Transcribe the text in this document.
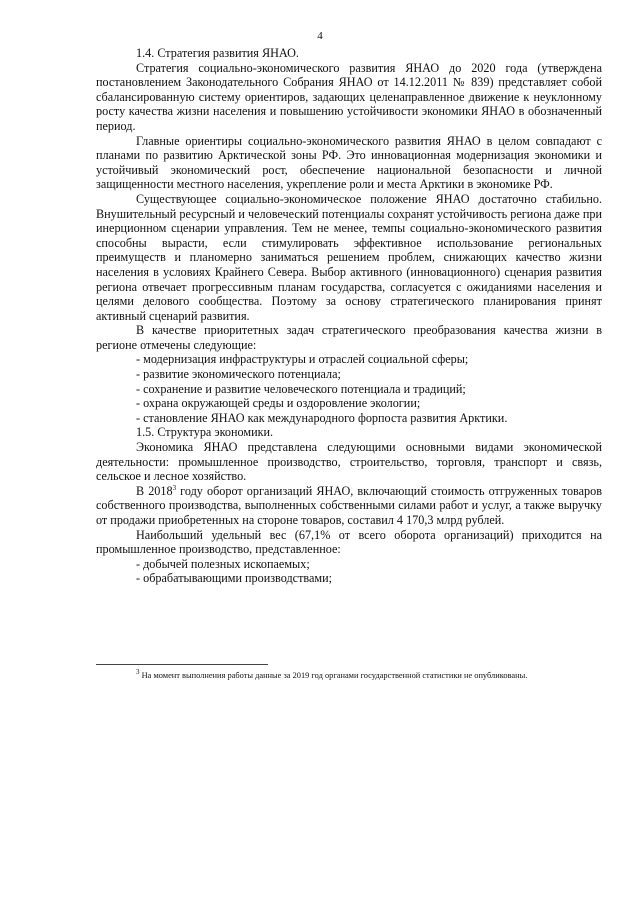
4

1.4. Стратегия развития ЯНАО.

Стратегия социально-экономического развития ЯНАО до 2020 года (утверждена постановлением Законодательного Собрания ЯНАО от 14.12.2011 № 839) представляет собой сбалансированную систему ориентиров, задающих целенаправленное движение к неуклонному росту качества жизни населения и повышению устойчивости экономики ЯНАО в обозначенный период.

Главные ориентиры социально-экономического развития ЯНАО в целом совпадают с планами по развитию Арктической зоны РФ. Это инновационная модернизация экономики и устойчивый экономический рост, обеспечение национальной безопасности и личной защищенности местного населения, укрепление роли и места Арктики в экономике РФ.

Существующее социально-экономическое положение ЯНАО достаточно стабильно. Внушительный ресурсный и человеческий потенциалы сохранят устойчивость региона даже при инерционном сценарии управления. Тем не менее, темпы социально-экономического развития способны вырасти, если стимулировать эффективное использование региональных преимуществ и планомерно заниматься решением проблем, снижающих качество жизни населения в условиях Крайнего Севера. Выбор активного (инновационного) сценария развития региона отвечает прогрессивным планам государства, согласуется с ожиданиями населения и целями делового сообщества. Поэтому за основу стратегического планирования принят активный сценарий развития.

В качестве приоритетных задач стратегического преобразования качества жизни в регионе отмечены следующие:

- модернизация инфраструктуры и отраслей социальной сферы;

- развитие экономического потенциала;

- сохранение и развитие человеческого потенциала и традиций;

- охрана окружающей среды и оздоровление экологии;

- становление ЯНАО как международного форпоста развития Арктики.

1.5. Структура экономики.

Экономика ЯНАО представлена следующими основными видами экономической деятельности: промышленное производство, строительство, торговля, транспорт и связь, сельское и лесное хозяйство.

В 2018$^3$ году оборот организаций ЯНАО, включающий стоимость отгруженных товаров собственного производства, выполненных собственными силами работ и услуг, а также выручку от продажи приобретенных на стороне товаров, составил 4 170,3 млрд рублей.

Наибольший удельный вес (67,1% от всего оборота организаций) приходится на промышленное производство, представленное:

- добычей полезных ископаемых;

- обрабатывающими производствами;

$^3$ На момент выполнения работы данные за 2019 год органами государственной статистики не опубликованы.
